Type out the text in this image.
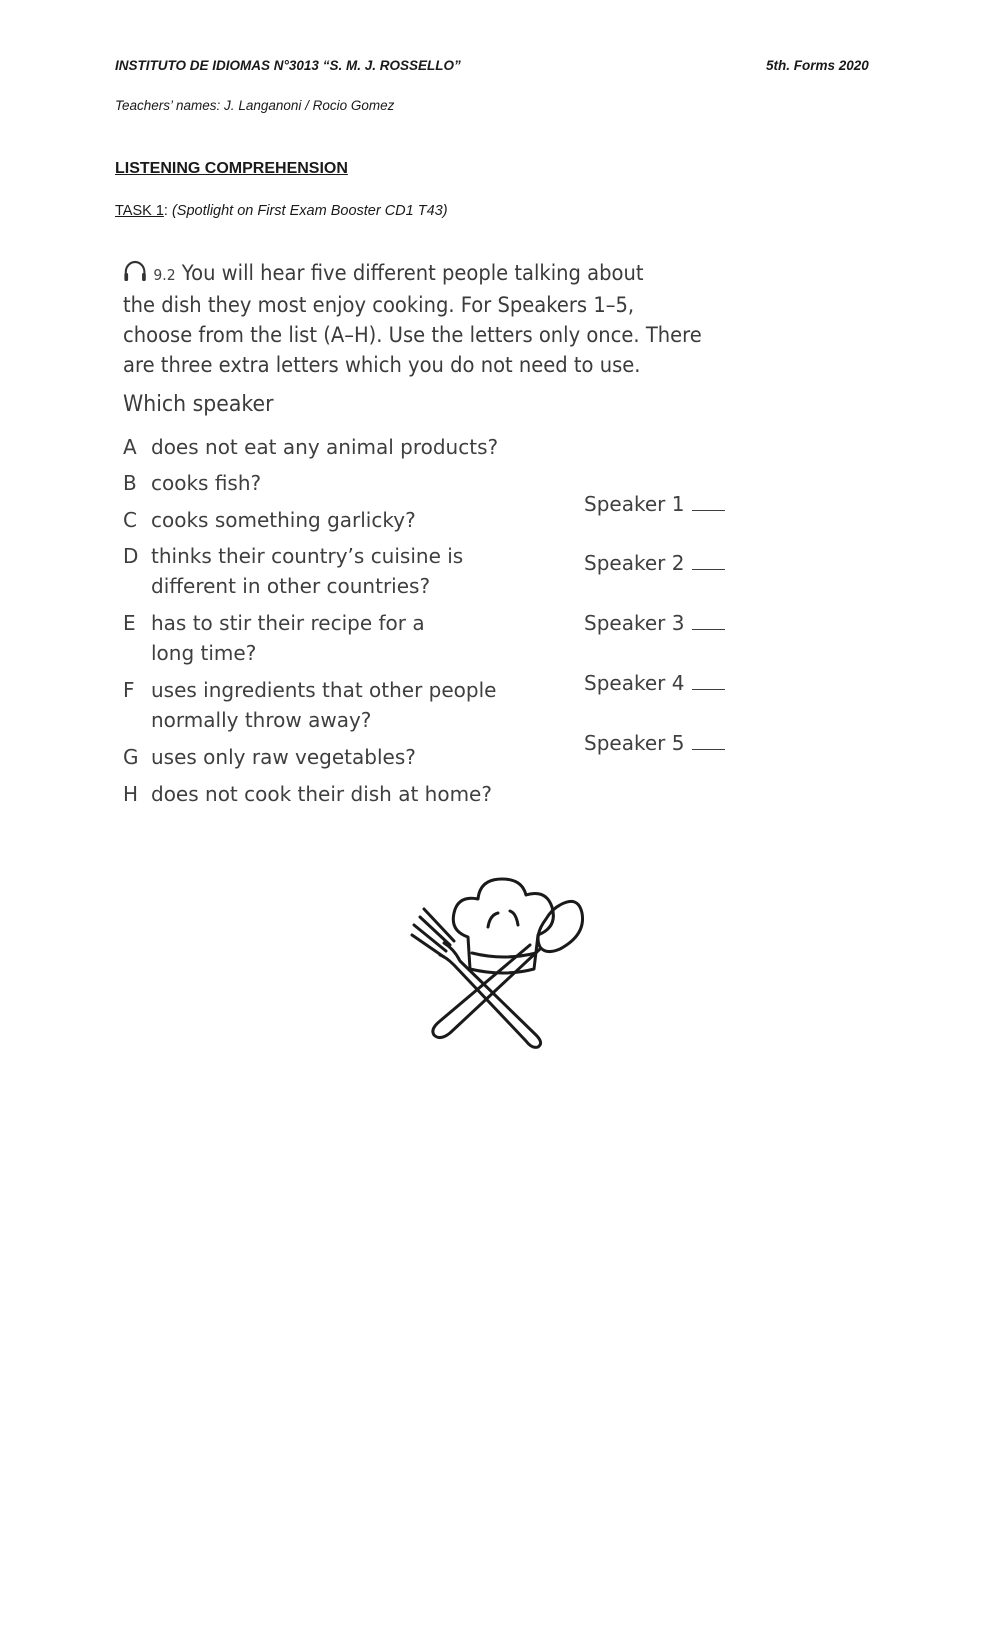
INSTITUTO DE IDIOMAS N°3013 “S. M. J. ROSSELLO”	5th. Forms 2020
Teachers’ names: J. Langanoni / Rocio Gomez
LISTENING COMPREHENSION
TASK 1: (Spotlight on First Exam Booster CD1 T43)
9.2 You will hear five different people talking about
the dish they most enjoy cooking. For Speakers 1–5,
choose from the list (A–H). Use the letters only once. There
are three extra letters which you do not need to use.
Which speaker
A does not eat any animal products?
B cooks fish?
C cooks something garlicky?
D thinks their country’s cuisine is different in other countries?
E has to stir their recipe for a long time?
F uses ingredients that other people normally throw away?
G uses only raw vegetables?
H does not cook their dish at home?
Speaker 1
Speaker 2
Speaker 3
Speaker 4
Speaker 5
